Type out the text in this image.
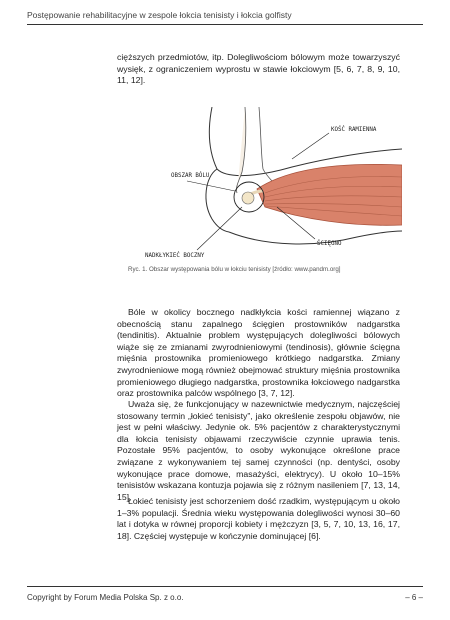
Postępowanie rehabilitacyjne w zespole łokcia tenisisty i łokcia golfisty

cięższych przedmiotów, itp. Dolegliwościom bólowym może towarzyszyć wysięk, z ograniczeniem wyprostu w stawie łokciowym [5, 6, 7, 8, 9, 10, 11, 12].

KOŚĆ RAMIENNA
OBSZAR BÓLU
ŚCIĘGNO
NADKŁYKIEĆ BOCZNY
Ryc. 1. Obszar występowania bólu w łokciu tenisisty [źródło: www.pandm.org]

Bóle w okolicy bocznego nadkłykcia kości ramiennej wiązano z obecnością stanu zapalnego ścięgien prostowników nadgarstka (tendinitis). Aktualnie problem występujących dolegliwości bólowych wiąże się ze zmianami zwyrodnieniowymi (tendinosis), głównie ścięgna mięśnia prostownika promieniowego krótkiego nadgarstka. Zmiany zwyrodnieniowe mogą również obejmować struktury mięśnia prostownika promieniowego długiego nadgarstka, prostownika łokciowego nadgarstka oraz prostownika palców wspólnego [3, 7, 12].

Uważa się, że funkcjonujący w nazewnictwie medycznym, najczęściej stosowany termin „łokieć tenisisty”, jako określenie zespołu objawów, nie jest w pełni właściwy. Jedynie ok. 5% pacjentów z charakterystycznymi dla łokcia tenisisty objawami rzeczywiście czynnie uprawia tenis. Pozostałe 95% pacjentów, to osoby wykonujące określone prace związane z wykonywaniem tej samej czynności (np. dentyści, osoby wykonujące prace domowe, masażyści, elektrycy). U około 10–15% tenisistów wskazana kontuzja pojawia się z różnym nasileniem [7, 13, 14, 15].

Łokieć tenisisty jest schorzeniem dość rzadkim, występującym u około 1–3% populacji. Średnia wieku występowania dolegliwości wynosi 30–60 lat i dotyka w równej proporcji kobiety i mężczyzn [3, 5, 7, 10, 13, 16, 17, 18]. Częściej występuje w kończynie dominującej [6].

Copyright by Forum Media Polska Sp. z o.o.	– 6 –
